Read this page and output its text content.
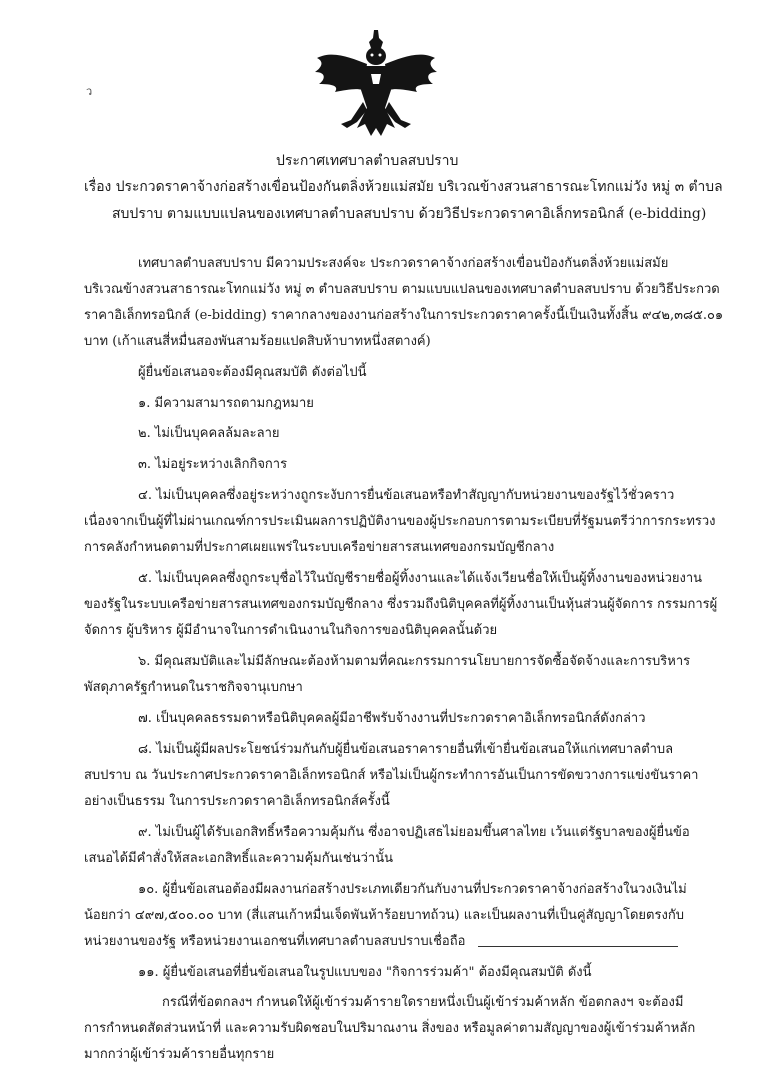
ว
ประกาศเทศบาลตำบลสบปราบ
เรื่อง ประกวดราคาจ้างก่อสร้างเขื่อนป้องกันตลิ่งห้วยแม่สมัย บริเวณข้างสวนสาธารณะโทกแม่วัง หมู่ ๓ ตำบล
สบปราบ ตามแบบแปลนของเทศบาลตำบลสบปราบ ด้วยวิธีประกวดราคาอิเล็กทรอนิกส์ (e-bidding)
เทศบาลตำบลสบปราบ มีความประสงค์จะ ประกวดราคาจ้างก่อสร้างเขื่อนป้องกันตลิ่งห้วยแม่สมัย
บริเวณข้างสวนสาธารณะโทกแม่วัง หมู่ ๓ ตำบลสบปราบ ตามแบบแปลนของเทศบาลตำบลสบปราบ ด้วยวิธีประกวด
ราคาอิเล็กทรอนิกส์ (e-bidding) ราคากลางของงานก่อสร้างในการประกวดราคาครั้งนี้เป็นเงินทั้งสิ้น ๙๔๒,๓๘๕.๐๑
บาท (เก้าแสนสี่หมื่นสองพันสามร้อยแปดสิบห้าบาทหนึ่งสตางค์)
ผู้ยื่นข้อเสนอจะต้องมีคุณสมบัติ ดังต่อไปนี้
๑. มีความสามารถตามกฎหมาย
๒. ไม่เป็นบุคคลล้มละลาย
๓. ไม่อยู่ระหว่างเลิกกิจการ
๔. ไม่เป็นบุคคลซึ่งอยู่ระหว่างถูกระงับการยื่นข้อเสนอหรือทำสัญญากับหน่วยงานของรัฐไว้ชั่วคราว
เนื่องจากเป็นผู้ที่ไม่ผ่านเกณฑ์การประเมินผลการปฏิบัติงานของผู้ประกอบการตามระเบียบที่รัฐมนตรีว่าการกระทรวง
การคลังกำหนดตามที่ประกาศเผยแพร่ในระบบเครือข่ายสารสนเทศของกรมบัญชีกลาง
๕. ไม่เป็นบุคคลซึ่งถูกระบุชื่อไว้ในบัญชีรายชื่อผู้ทิ้งงานและได้แจ้งเวียนชื่อให้เป็นผู้ทิ้งงานของหน่วยงาน
ของรัฐในระบบเครือข่ายสารสนเทศของกรมบัญชีกลาง ซึ่งรวมถึงนิติบุคคลที่ผู้ทิ้งงานเป็นหุ้นส่วนผู้จัดการ กรรมการผู้
จัดการ ผู้บริหาร ผู้มีอำนาจในการดำเนินงานในกิจการของนิติบุคคลนั้นด้วย
๖. มีคุณสมบัติและไม่มีลักษณะต้องห้ามตามที่คณะกรรมการนโยบายการจัดซื้อจัดจ้างและการบริหาร
พัสดุภาครัฐกำหนดในราชกิจจานุเบกษา
๗. เป็นบุคคลธรรมดาหรือนิติบุคคลผู้มีอาชีพรับจ้างงานที่ประกวดราคาอิเล็กทรอนิกส์ดังกล่าว
๘. ไม่เป็นผู้มีผลประโยชน์ร่วมกันกับผู้ยื่นข้อเสนอราคารายอื่นที่เข้ายื่นข้อเสนอให้แก่เทศบาลตำบล
สบปราบ ณ วันประกาศประกวดราคาอิเล็กทรอนิกส์ หรือไม่เป็นผู้กระทำการอันเป็นการขัดขวางการแข่งขันราคา
อย่างเป็นธรรม ในการประกวดราคาอิเล็กทรอนิกส์ครั้งนี้
๙. ไม่เป็นผู้ได้รับเอกสิทธิ์หรือความคุ้มกัน ซึ่งอาจปฏิเสธไม่ยอมขึ้นศาลไทย เว้นแต่รัฐบาลของผู้ยื่นข้อ
เสนอได้มีคำสั่งให้สละเอกสิทธิ์และความคุ้มกันเช่นว่านั้น
๑๐. ผู้ยื่นข้อเสนอต้องมีผลงานก่อสร้างประเภทเดียวกันกับงานที่ประกวดราคาจ้างก่อสร้างในวงเงินไม่
น้อยกว่า ๔๙๗,๕๐๐.๐๐ บาท (สี่แสนเก้าหมื่นเจ็ดพันห้าร้อยบาทถ้วน) และเป็นผลงานที่เป็นคู่สัญญาโดยตรงกับ
หน่วยงานของรัฐ หรือหน่วยงานเอกชนที่เทศบาลตำบลสบปราบเชื่อถือ
๑๑. ผู้ยื่นข้อเสนอที่ยื่นข้อเสนอในรูปแบบของ "กิจการร่วมค้า" ต้องมีคุณสมบัติ ดังนี้
กรณีที่ข้อตกลงฯ กำหนดให้ผู้เข้าร่วมค้ารายใดรายหนึ่งเป็นผู้เข้าร่วมค้าหลัก ข้อตกลงฯ จะต้องมี
การกำหนดสัดส่วนหน้าที่ และความรับผิดชอบในปริมาณงาน สิ่งของ หรือมูลค่าตามสัญญาของผู้เข้าร่วมค้าหลัก
มากกว่าผู้เข้าร่วมค้ารายอื่นทุกราย
